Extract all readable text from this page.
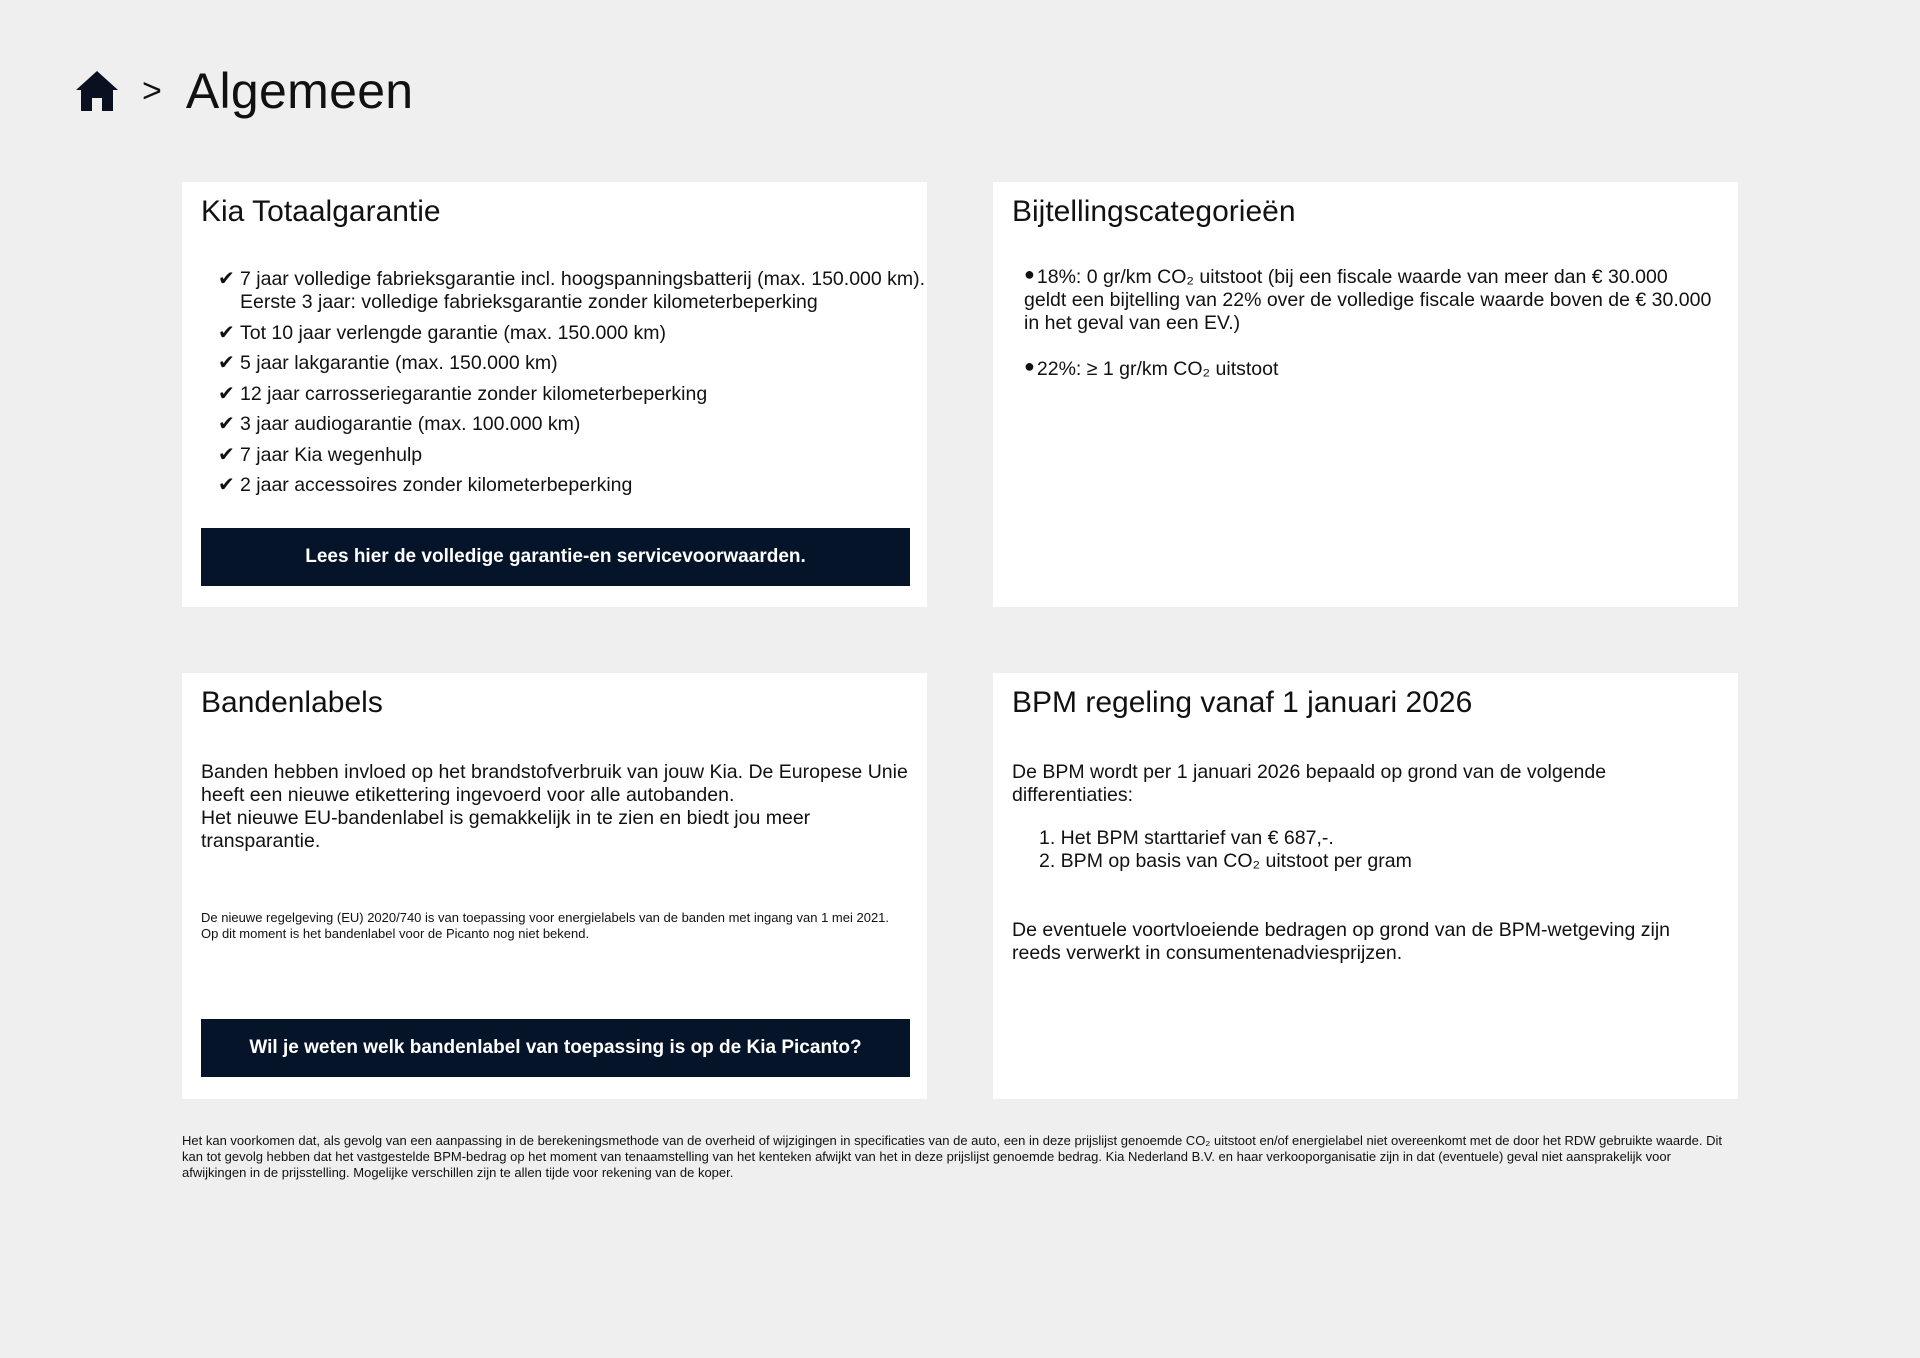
> Algemeen
Kia Totaalgarantie
✔ 7 jaar volledige fabrieksgarantie incl. hoogspanningsbatterij (max. 150.000 km).
Eerste 3 jaar: volledige fabrieksgarantie zonder kilometerbeperking
✔ Tot 10 jaar verlengde garantie (max. 150.000 km)
✔ 5 jaar lakgarantie (max. 150.000 km)
✔ 12 jaar carrosseriegarantie zonder kilometerbeperking
✔ 3 jaar audiogarantie (max. 100.000 km)
✔ 7 jaar Kia wegenhulp
✔ 2 jaar accessoires zonder kilometerbeperking
Lees hier de volledige garantie-en servicevoorwaarden.
Bijtellingscategorieën
● 18%: 0 gr/km CO₂ uitstoot (bij een fiscale waarde van meer dan € 30.000 geldt een bijtelling van 22% over de volledige fiscale waarde boven de € 30.000 in het geval van een EV.)
● 22%: ≥ 1 gr/km CO₂ uitstoot
Bandenlabels

Banden hebben invloed op het brandstofverbruik van jouw Kia. De Europese Unie heeft een nieuwe etikettering ingevoerd voor alle autobanden.
Het nieuwe EU-bandenlabel is gemakkelijk in te zien en biedt jou meer transparantie.

De nieuwe regelgeving (EU) 2020/740 is van toepassing voor energielabels van de banden met ingang van 1 mei 2021.
Op dit moment is het bandenlabel voor de Picanto nog niet bekend.

Wil je weten welk bandenlabel van toepassing is op de Kia Picanto?
BPM regeling vanaf 1 januari 2026

De BPM wordt per 1 januari 2026 bepaald op grond van de volgende differentiaties:

1. Het BPM starttarief van € 687,-.
2. BPM op basis van CO₂ uitstoot per gram

De eventuele voortvloeiende bedragen op grond van de BPM-wetgeving zijn reeds verwerkt in consumentenadviesprijzen.

Het kan voorkomen dat, als gevolg van een aanpassing in de berekeningsmethode van de overheid of wijzigingen in specificaties van de auto, een in deze prijslijst genoemde CO₂ uitstoot en/of energielabel niet overeenkomt met de door het RDW gebruikte waarde. Dit kan tot gevolg hebben dat het vastgestelde BPM-bedrag op het moment van tenaamstelling van het kenteken afwijkt van het in deze prijslijst genoemde bedrag. Kia Nederland B.V. en haar verkooporganisatie zijn in dat (eventuele) geval niet aansprakelijk voor afwijkingen in de prijsstelling. Mogelijke verschillen zijn te allen tijde voor rekening van de koper.
